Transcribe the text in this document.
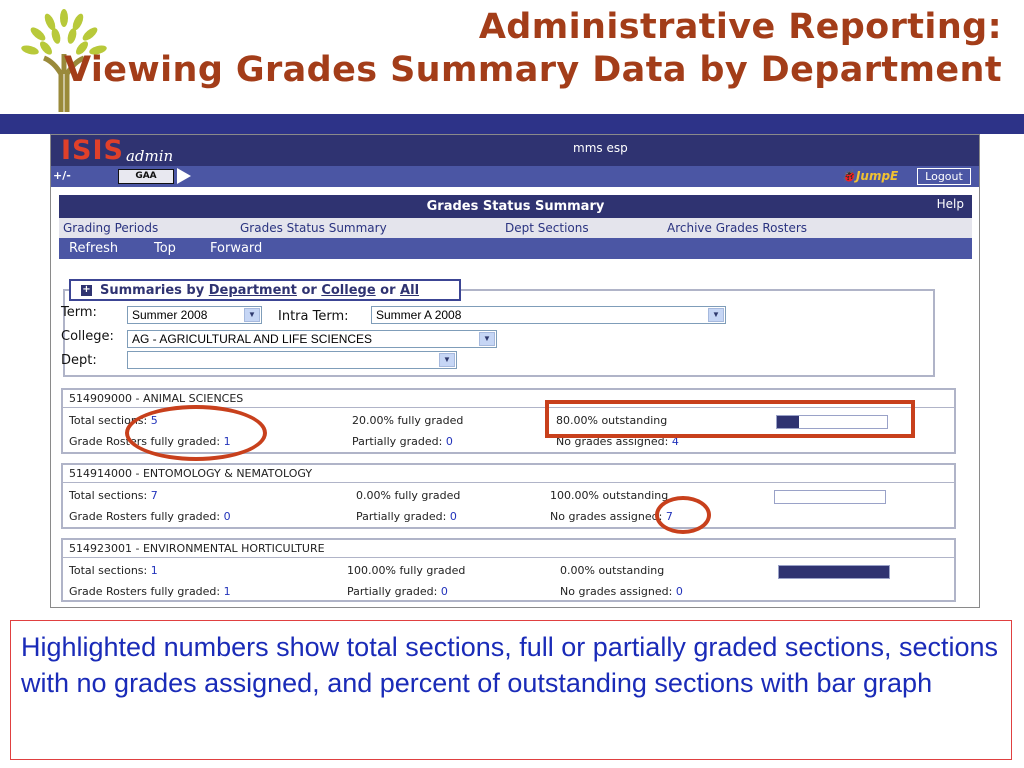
Administrative Reporting:
Viewing Grades Summary Data by Department
ISIS admin	mms esp
+/-	GAA	🐞JumpE	Logout
Grades Status Summary	Help
Grading Periods	Grades Status Summary	Dept Sections	Archive Grades Rosters
Refresh	Top	Forward
+ Summaries by
Department
or
College
or
All
Term:	Summer 2008	▼	Intra Term:	Summer A 2008	▼
College:	AG - AGRICULTURAL AND LIFE SCIENCES	▼
Dept:	▼
514909000 - ANIMAL SCIENCES
Total sections: 5	20.00% fully graded	80.00% outstanding
Grade Rosters fully graded: 1	Partially graded: 0	No grades assigned: 4
514914000 - ENTOMOLOGY & NEMATOLOGY
Total sections: 7	0.00% fully graded	100.00% outstanding
Grade Rosters fully graded: 0	Partially graded: 0	No grades assigned: 7
514923001 - ENVIRONMENTAL HORTICULTURE
Total sections: 1	100.00% fully graded	0.00% outstanding
Grade Rosters fully graded: 1	Partially graded: 0	No grades assigned: 0
Highlighted numbers show total sections, full or partially graded sections, sections with no grades assigned, and percent of outstanding sections with bar graph
